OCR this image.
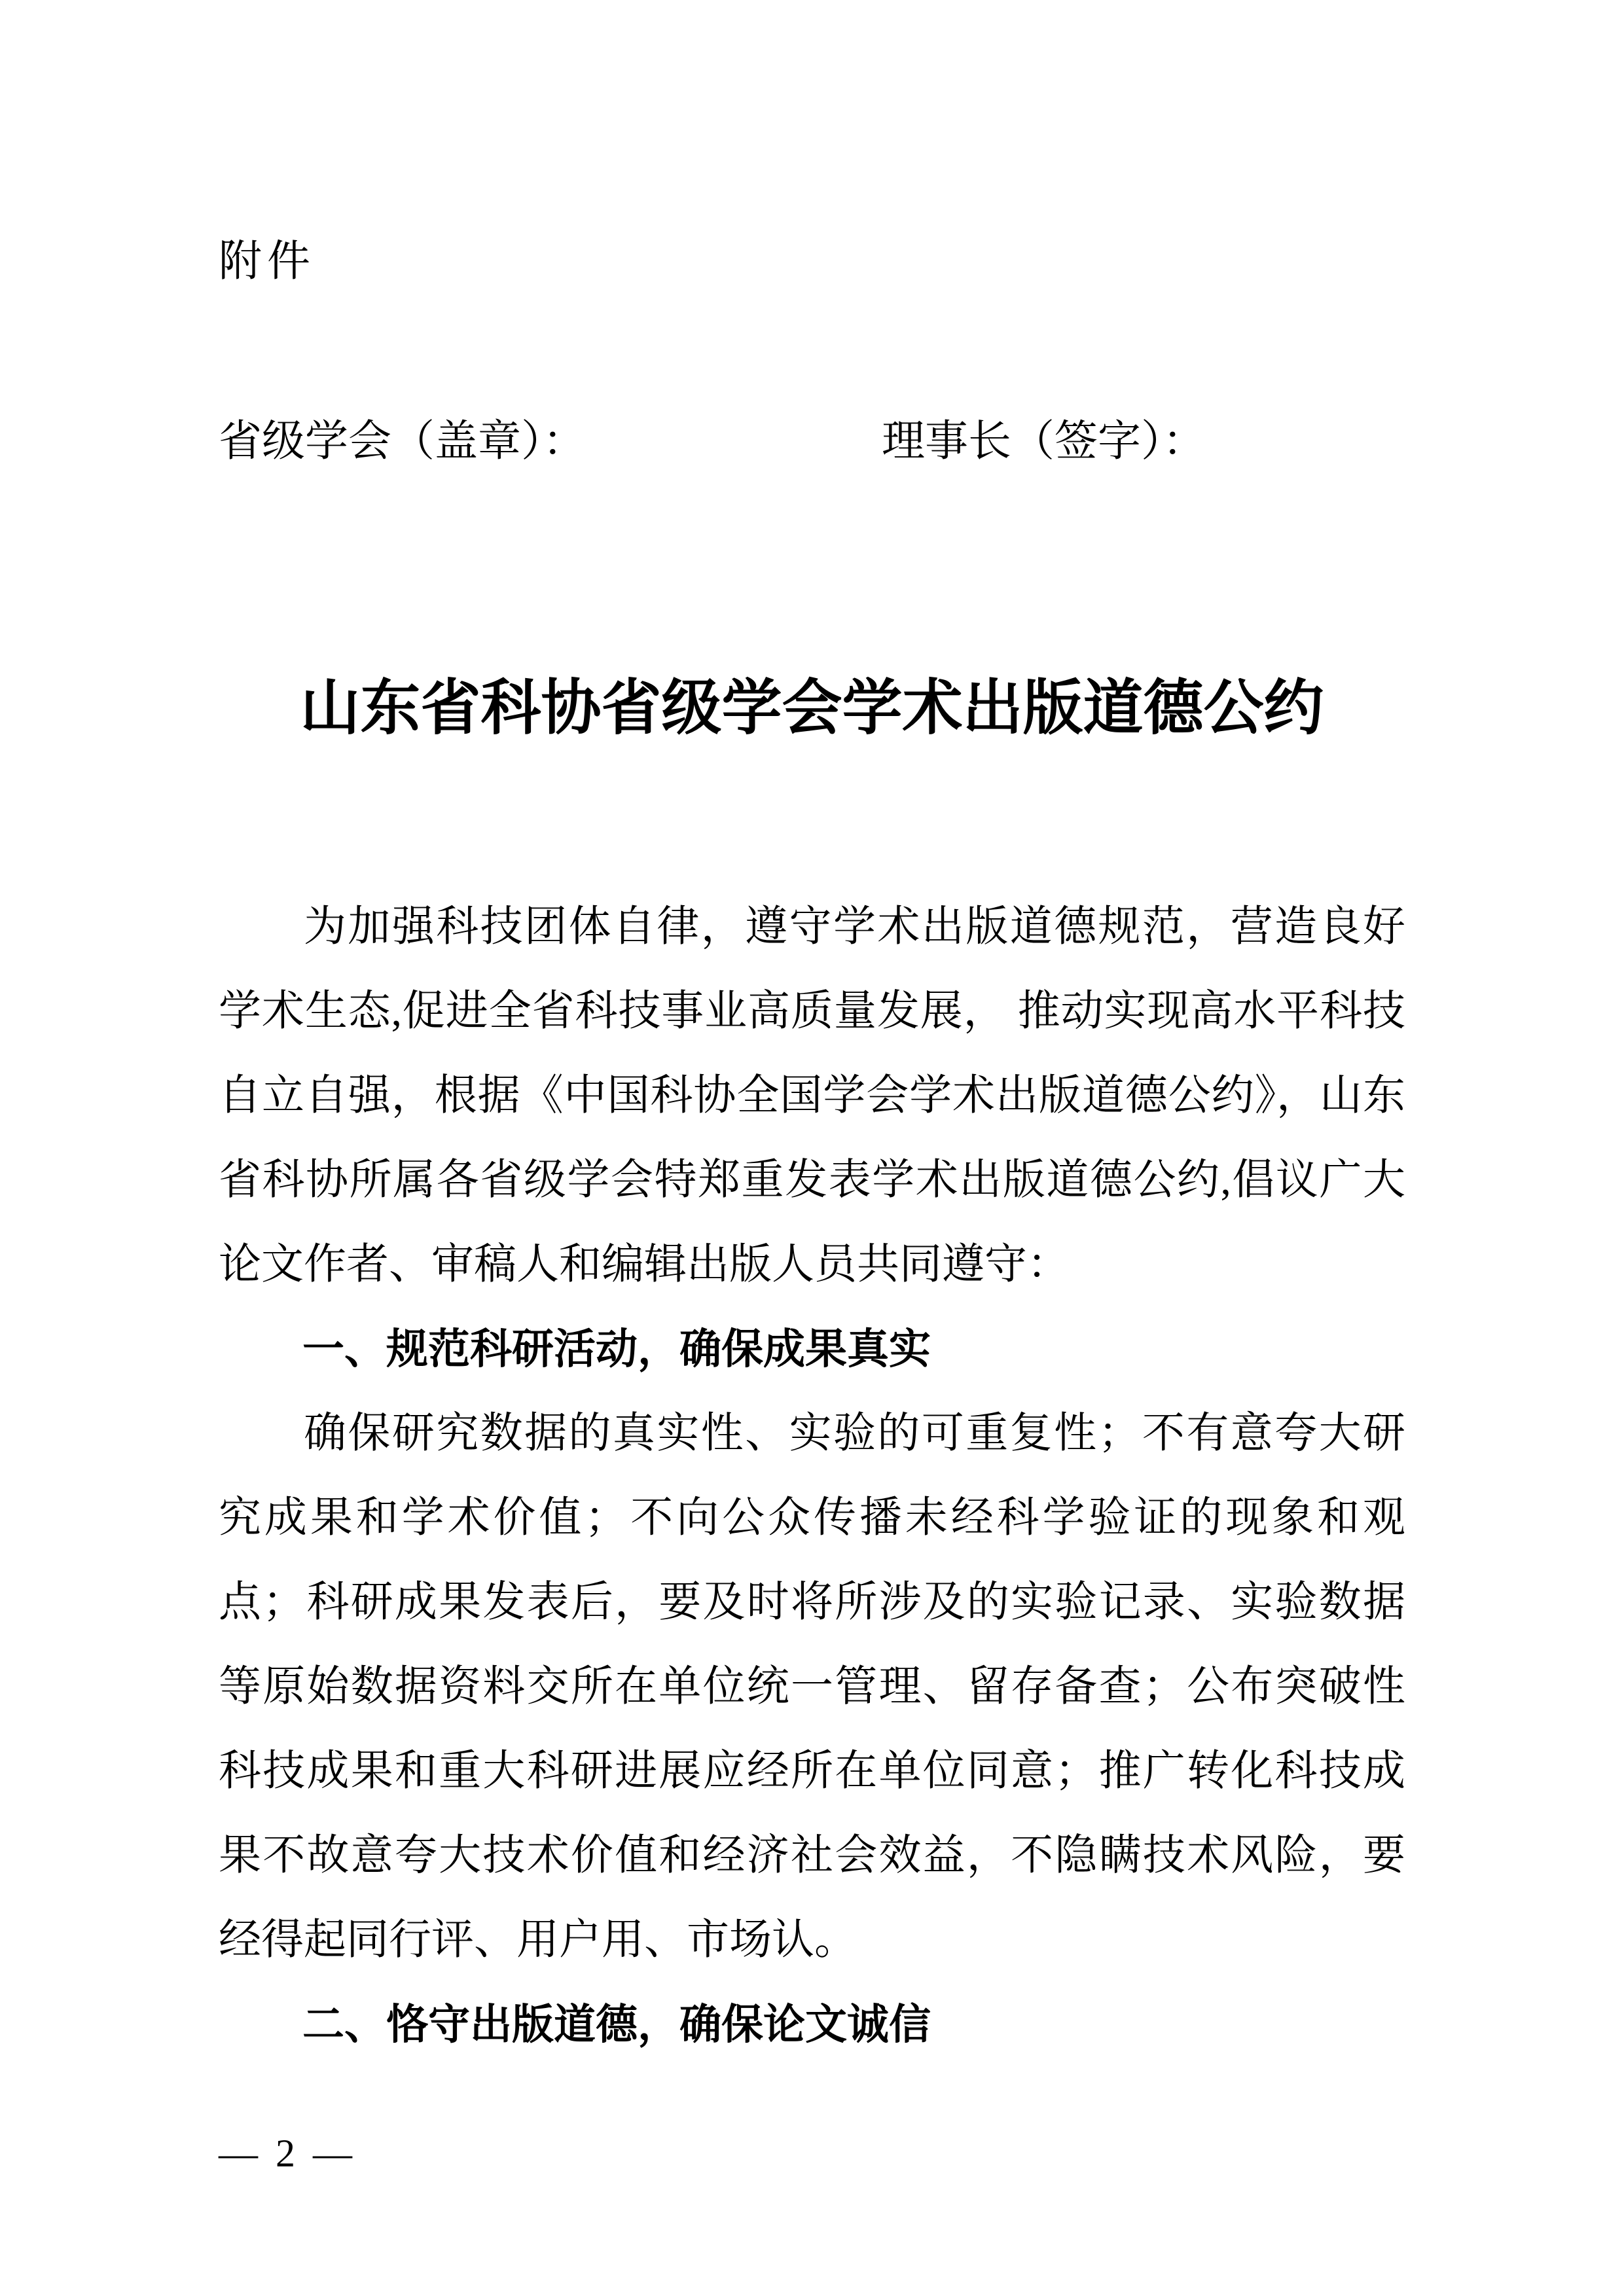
附件
省级学会（盖章）：	理事长（签字）：
山东省科协省级学会学术出版道德公约

为加强科技团体自律，遵守学术出版道德规范，营造良好学术生态,促进全省科技事业高质量发展， 推动实现高水平科技自立自强，根据《中国科协全国学会学术出版道德公约》，山东省科协所属各省级学会特郑重发表学术出版道德公约,倡议广大论文作者、审稿人和编辑出版人员共同遵守：

一、规范科研活动，确保成果真实

确保研究数据的真实性、实验的可重复性；不有意夸大研究成果和学术价值；不向公众传播未经科学验证的现象和观点；科研成果发表后，要及时将所涉及的实验记录、实验数据等原始数据资料交所在单位统一管理、留存备查；公布突破性科技成果和重大科研进展应经所在单位同意；推广转化科技成果不故意夸大技术价值和经济社会效益，不隐瞒技术风险，要经得起同行评、用户用、市场认。

二、恪守出版道德，确保论文诚信

— 2 —
